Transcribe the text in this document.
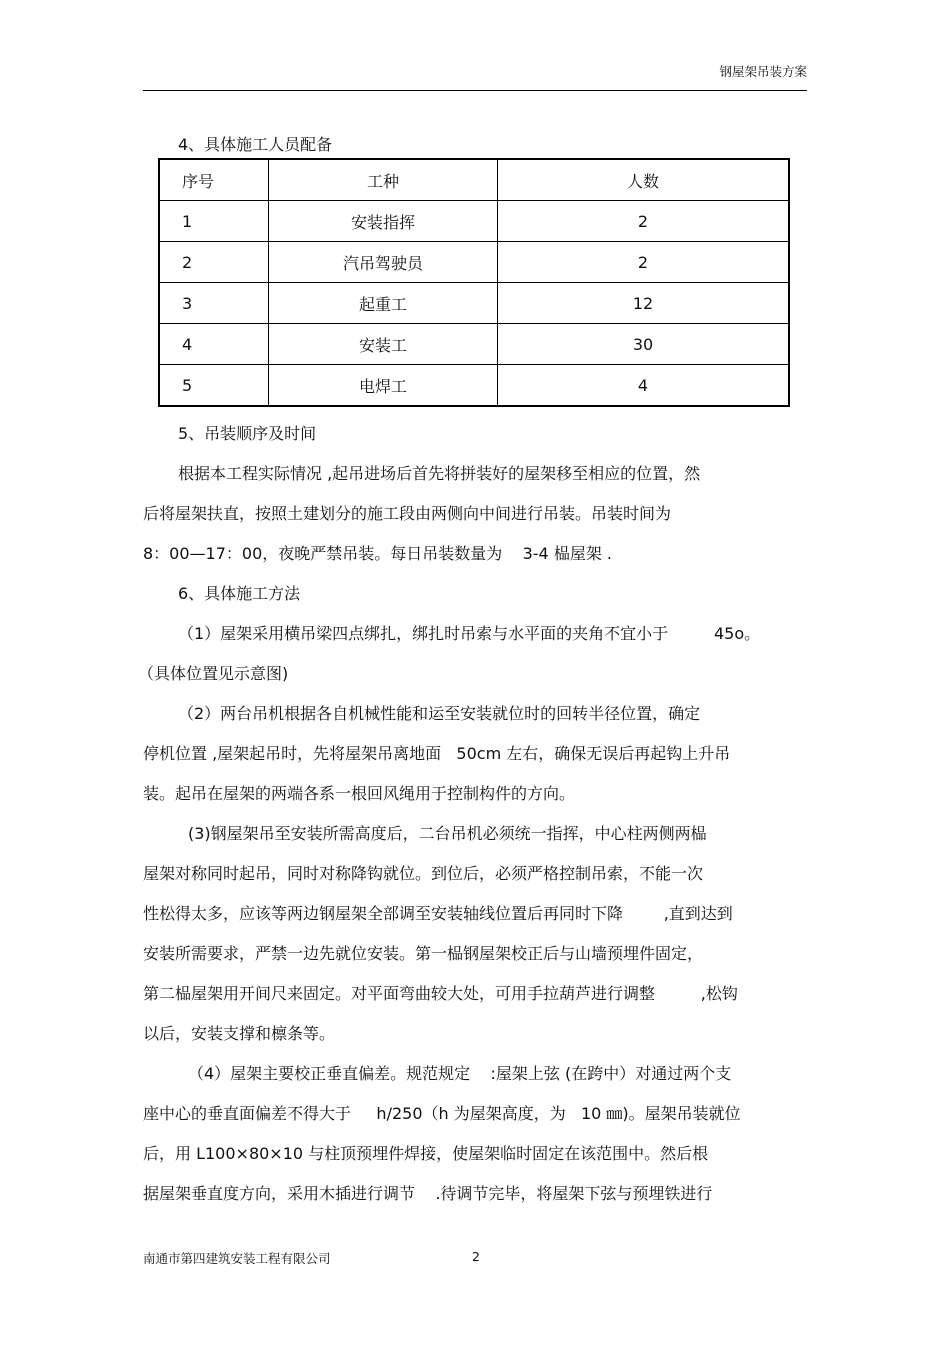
钢屋架吊装方案
4、具体施工人员配备
序号	工种	人数
1	安装指挥	2
2	汽吊驾驶员	2
3	起重工	12
4	安装工	30
5	电焊工	4
5、吊装顺序及时间
根据本工程实际情况 ,起吊进场后首先将拼装好的屋架移至相应的位置，然
后将屋架扶直，按照土建划分的施工段由两侧向中间进行吊装。吊装时间为
8：00—17：00，夜晚严禁吊装。每日吊装数量为    3-4 榀屋架 .
6、具体施工方法
（1）屋架采用横吊梁四点绑扎，绑扎时吊索与水平面的夹角不宜小于         45o。
（具体位置见示意图)
（2）两台吊机根据各自机械性能和运至安装就位时的回转半径位置，确定
停机位置 ,屋架起吊时，先将屋架吊离地面   50cm 左右，确保无误后再起钩上升吊
装。起吊在屋架的两端各系一根回风绳用于控制构件的方向。
(3)钢屋架吊至安装所需高度后，二台吊机必须统一指挥，中心柱两侧两榀
屋架对称同时起吊，同时对称降钩就位。到位后，必须严格控制吊索，不能一次
性松得太多，应该等两边钢屋架全部调至安装轴线位置后再同时下降        ,直到达到
安装所需要求，严禁一边先就位安装。第一榀钢屋架校正后与山墙预埋件固定，
第二榀屋架用开间尺来固定。对平面弯曲较大处，可用手拉葫芦进行调整         ,松钩
以后，安装支撑和檩条等。
（4）屋架主要校正垂直偏差。规范规定    :屋架上弦 (在跨中）对通过两个支
座中心的垂直面偏差不得大于     h/250（h 为屋架高度，为   10 ㎜)。屋架吊装就位
后，用 L100×80×10 与柱顶预埋件焊接，使屋架临时固定在该范围中。然后根
据屋架垂直度方向，采用木插进行调节    .待调节完毕，将屋架下弦与预埋铁进行
南通市第四建筑安装工程有限公司	2
